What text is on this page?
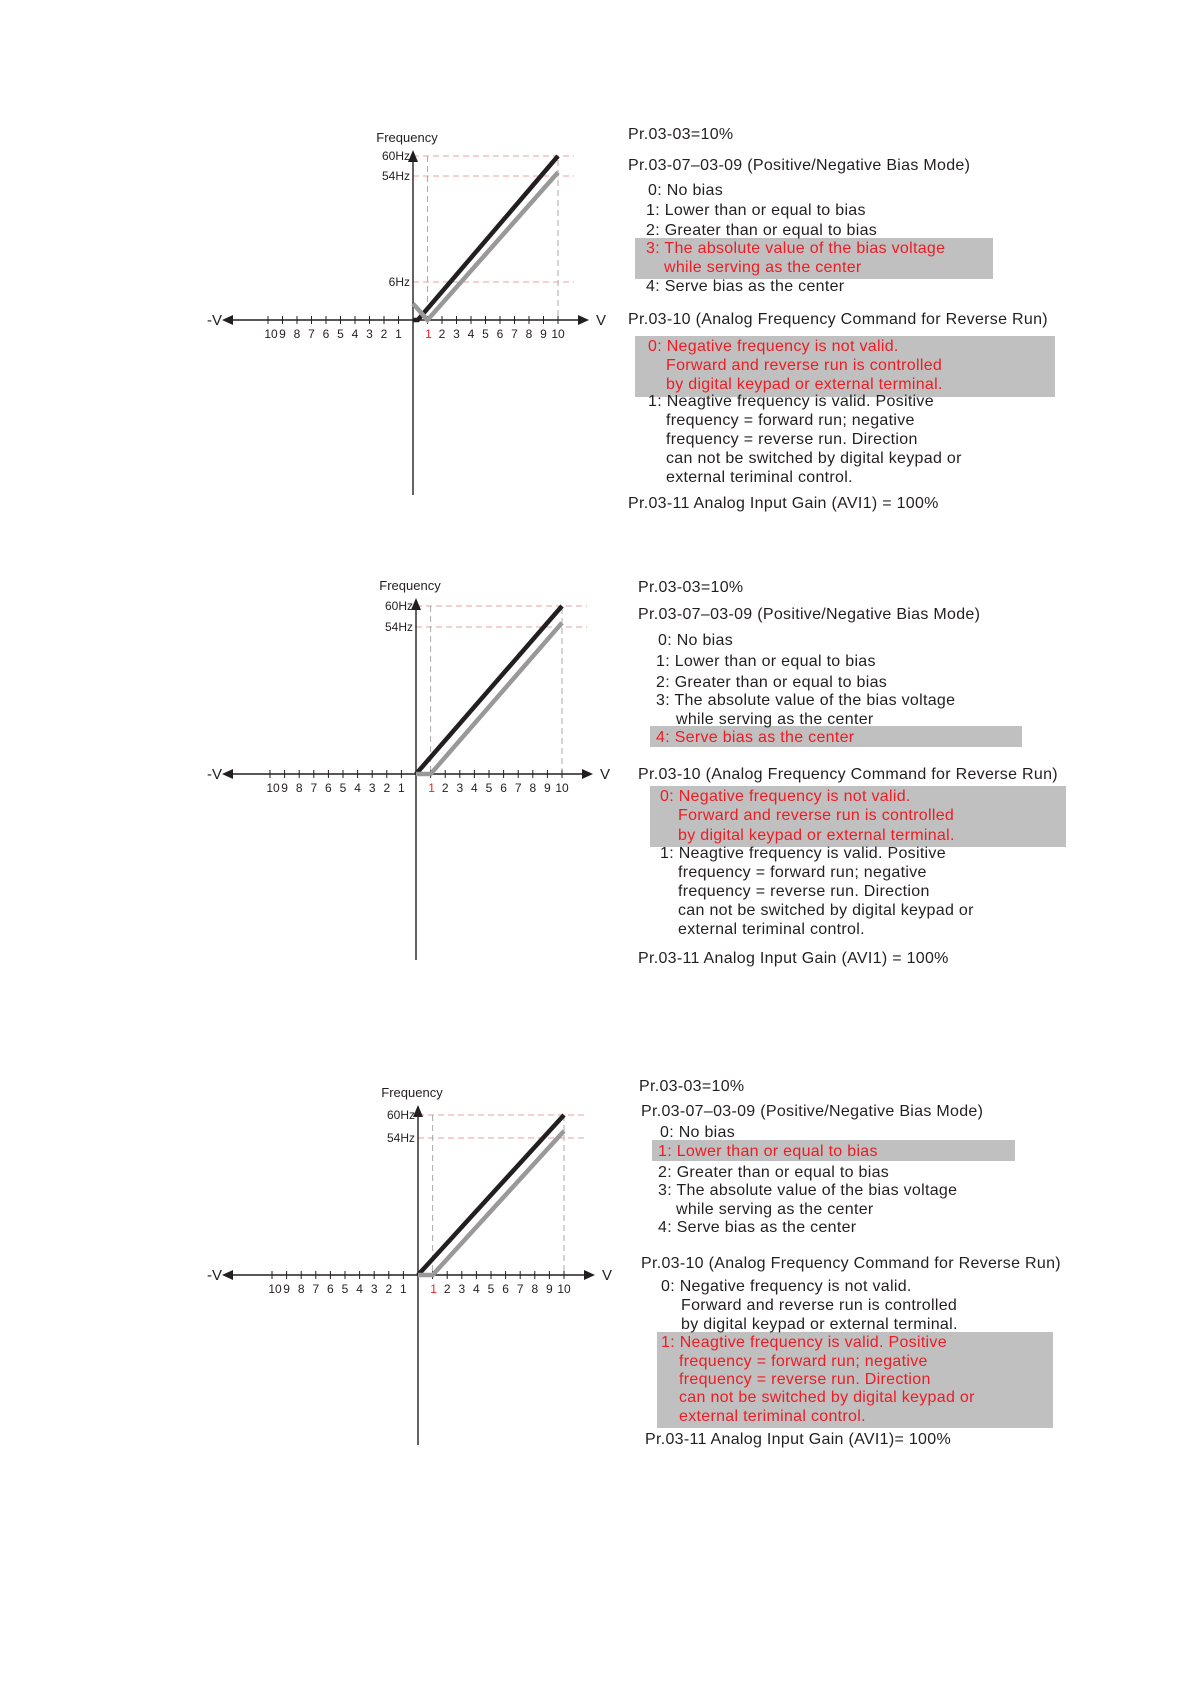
Frequency
V
-V
60Hz
54Hz
6Hz
10 9 8 7 6 5 4 3 2 1 1 2 3 4 5 6 7 8 9 10
Pr.03-03=10%
Pr.03-07–03-09 (Positive/Negative Bias Mode)
0: No bias
1: Lower than or equal to bias
2: Greater than or equal to bias
3: The absolute value of the bias voltage
while serving as the center
4: Serve bias as the center
Pr.03-10 (Analog Frequency Command for Reverse Run)
0: Negative frequency is not valid.
Forward and reverse run is controlled
by digital keypad or external terminal.
1: Neagtive frequency is valid. Positive
frequency = forward run; negative
frequency = reverse run. Direction
can not be switched by digital keypad or
external teriminal control.
Pr.03-11 Analog Input Gain (AVI1) = 100%
Frequency
V
-V
60Hz
54Hz
10 9 8 7 6 5 4 3 2 1 1 2 3 4 5 6 7 8 9 10
Pr.03-03=10%
Pr.03-07–03-09 (Positive/Negative Bias Mode)
0: No bias
1: Lower than or equal to bias
2: Greater than or equal to bias
3: The absolute value of the bias voltage
while serving as the center
4: Serve bias as the center
Pr.03-10 (Analog Frequency Command for Reverse Run)
0: Negative frequency is not valid.
Forward and reverse run is controlled
by digital keypad or external terminal.
1: Neagtive frequency is valid. Positive
frequency = forward run; negative
frequency = reverse run. Direction
can not be switched by digital keypad or
external teriminal control.
Pr.03-11 Analog Input Gain (AVI1) = 100%
Frequency
V
-V
60Hz
54Hz
10 9 8 7 6 5 4 3 2 1 1 2 3 4 5 6 7 8 9 10
Pr.03-03=10%
Pr.03-07–03-09 (Positive/Negative Bias Mode)
0: No bias
1: Lower than or equal to bias
2: Greater than or equal to bias
3: The absolute value of the bias voltage
while serving as the center
4: Serve bias as the center
Pr.03-10 (Analog Frequency Command for Reverse Run)
0: Negative frequency is not valid.
Forward and reverse run is controlled
by digital keypad or external terminal.
1: Neagtive frequency is valid. Positive
frequency = forward run; negative
frequency = reverse run. Direction
can not be switched by digital keypad or
external teriminal control.
Pr.03-11 Analog Input Gain (AVI1)= 100%
